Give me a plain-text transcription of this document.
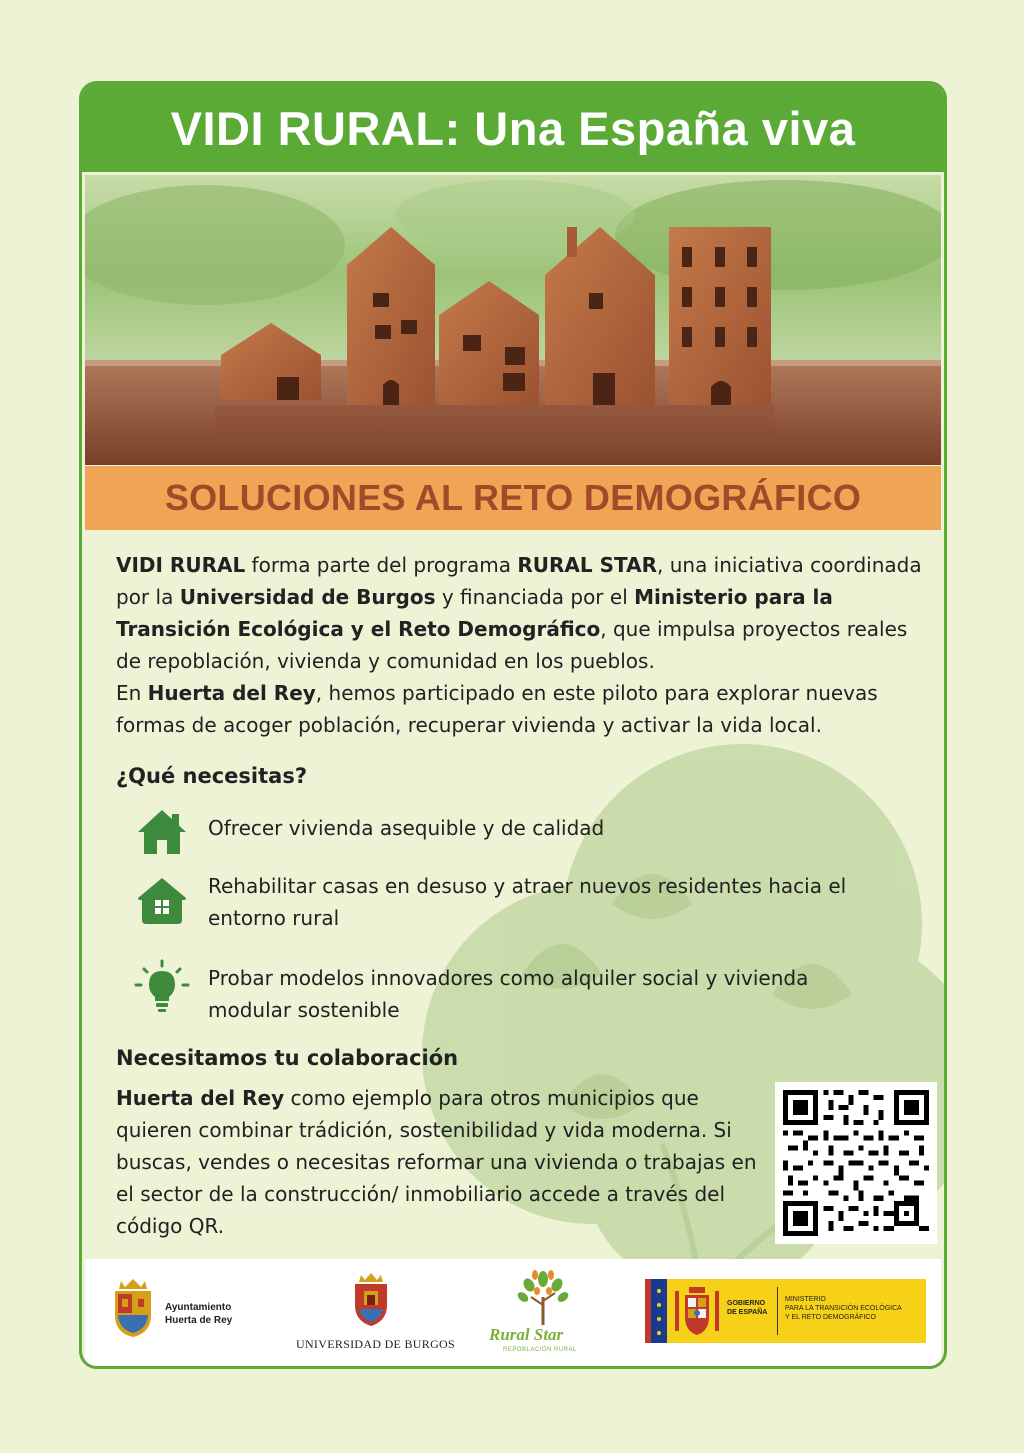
VIDI RURAL: Una España viva
SOLUCIONES AL RETO DEMOGRÁFICO
VIDI RURAL forma parte del programa RURAL STAR, una iniciativa coordinada por la Universidad de Burgos y financiada por el Ministerio para la Transición Ecológica y el Reto Demográfico, que impulsa proyectos reales de repoblación, vivienda y comunidad en los pueblos.
En Huerta del Rey, hemos participado en este piloto para explorar nuevas formas de acoger población, recuperar vivienda y activar la vida local.
¿Qué necesitas?
Ofrecer vivienda asequible y de calidad
Rehabilitar casas en desuso y atraer nuevos residentes hacia el entorno rural
Probar modelos innovadores como alquiler social y vivienda modular sostenible
Necesitamos tu colaboración
Huerta del Rey como ejemplo para otros municipios que quieren combinar trádición, sostenibilidad y vida moderna. Si buscas, vendes o necesitas reformar una vivienda o trabajas en el sector de la construcción/ inmobiliario accede a través del código QR.
Ayuntamiento
Huerta de Rey
UNIVERSIDAD DE BURGOS Rural Star
REPOBLACIÓN RURAL
GOBIERNO
DE ESPAÑA
MINISTERIO
PARA LA TRANSICIÓN ECOLÓGICA
Y EL RETO DEMOGRÁFICO
